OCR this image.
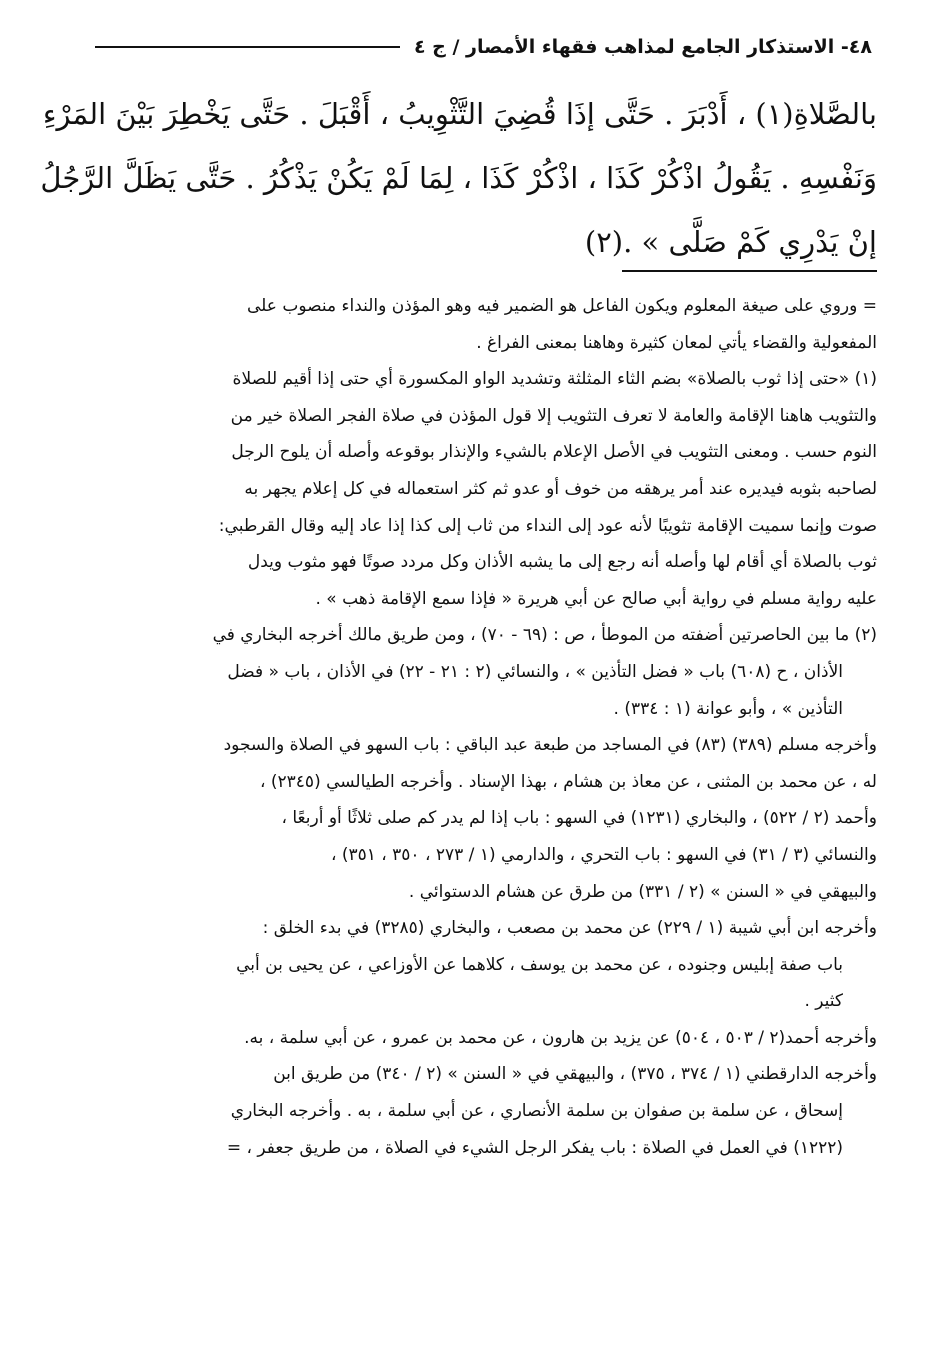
٤٨- الاستذكار الجامع لمذاهب فقهاء الأمصار / ج ٤
بالصَّلاةِ(١) ، أَدْبَرَ . حَتَّى إذَا قُضِيَ التَّثْوِيبُ ، أَقْبَلَ . حَتَّى يَخْطِرَ بَيْنَ المَرْءِ
وَنَفْسِهِ . يَقُولُ اذْكُرْ كَذَا ، اذْكُرْ كَذَا ، لِمَا لَمْ يَكُنْ يَذْكُرُ . حَتَّى يَظَلَّ الرَّجُلُ
إنْ يَدْرِي كَمْ صَلَّى » .(٢)
= وروي على صيغة المعلوم ويكون الفاعل هو الضمير فيه وهو المؤذن والنداء منصوب على
المفعولية والقضاء يأتي لمعان كثيرة وهاهنا بمعنى الفراغ .
(١) «حتى إذا ثوب بالصلاة» بضم الثاء المثلثة وتشديد الواو المكسورة أي حتى إذا أقيم للصلاة
والتثويب هاهنا الإقامة والعامة لا تعرف التثويب إلا قول المؤذن في صلاة الفجر الصلاة خير من
النوم حسب . ومعنى التثويب في الأصل الإعلام بالشيء والإنذار بوقوعه وأصله أن يلوح الرجل
لصاحبه بثوبه فيديره عند أمر يرهقه من خوف أو عدو ثم كثر استعماله في كل إعلام يجهر به
صوت وإنما سميت الإقامة تثويبًا لأنه عود إلى النداء من ثاب إلى كذا إذا عاد إليه وقال القرطبي:
ثوب بالصلاة أي أقام لها وأصله أنه رجع إلى ما يشبه الأذان وكل مردد صوتًا فهو مثوب ويدل
عليه رواية مسلم في رواية أبي صالح عن أبي هريرة « فإذا سمع الإقامة ذهب » .
(٢) ما بين الحاصرتين أضفته من الموطأ ، ص : (٦٩ - ٧٠) ، ومن طريق مالك أخرجه البخاري في
الأذان ، ح (٦٠٨) باب « فضل التأذين » ، والنسائي (٢ : ٢١ - ٢٢) في الأذان ، باب « فضل
التأذين » ، وأبو عوانة (١ : ٣٣٤) .
وأخرجه مسلم (٣٨٩) (٨٣) في المساجد من طبعة عبد الباقي : باب السهو في الصلاة والسجود
له ، عن محمد بن المثنى ، عن معاذ بن هشام ، بهذا الإسناد . وأخرجه الطيالسي (٢٣٤٥) ،
وأحمد (٢ / ٥٢٢) ، والبخاري (١٢٣١) في السهو : باب إذا لم يدر كم صلى ثلاثًا أو أربعًا ،
والنسائي (٣ / ٣١) في السهو : باب التحري ، والدارمي (١ / ٢٧٣ ، ٣٥٠ ، ٣٥١) ،
والبيهقي في « السنن » (٢ / ٣٣١) من طرق عن هشام الدستوائي .
وأخرجه ابن أبي شيبة (١ / ٢٢٩) عن محمد بن مصعب ، والبخاري (٣٢٨٥) في بدء الخلق :
باب صفة إبليس وجنوده ، عن محمد بن يوسف ، كلاهما عن الأوزاعي ، عن يحيى بن أبي
كثير .
وأخرجه أحمد(٢ / ٥٠٣ ، ٥٠٤) عن يزيد بن هارون ، عن محمد بن عمرو ، عن أبي سلمة ، به.
وأخرجه الدارقطني (١ / ٣٧٤ ، ٣٧٥) ، والبيهقي في « السنن » (٢ / ٣٤٠) من طريق ابن
إسحاق ، عن سلمة بن صفوان بن سلمة الأنصاري ، عن أبي سلمة ، به . وأخرجه البخاري
(١٢٢٢) في العمل في الصلاة : باب يفكر الرجل الشيء في الصلاة ، من طريق جعفر ، =
